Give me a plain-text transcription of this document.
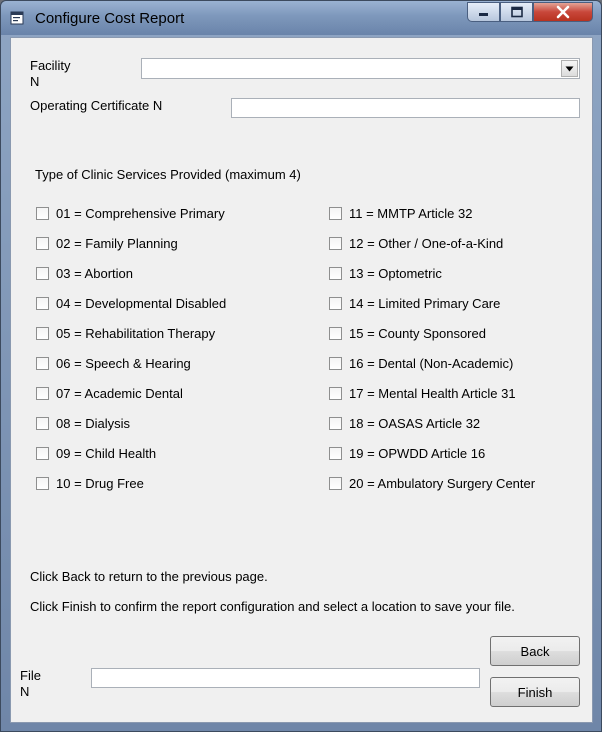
Configure Cost Report
Facility N
Operating Certificate N
Type of Clinic Services Provided (maximum 4)
01 = Comprehensive Primary
02 = Family Planning
03 = Abortion
04 = Developmental Disabled
05 = Rehabilitation Therapy
06 = Speech & Hearing
07 = Academic Dental
08 = Dialysis
09 = Child Health
10 = Drug Free
11 = MMTP Article 32
12 = Other / One-of-a-Kind
13 = Optometric
14 = Limited Primary Care
15 = County Sponsored
16 = Dental (Non-Academic)
17 = Mental Health Article 31
18 = OASAS Article 32
19 = OPWDD Article 16
20 = Ambulatory Surgery Center
Click Back to return to the previous page.
Click Finish to confirm the report configuration and select a location to save your file.
File N
Back
Finish
